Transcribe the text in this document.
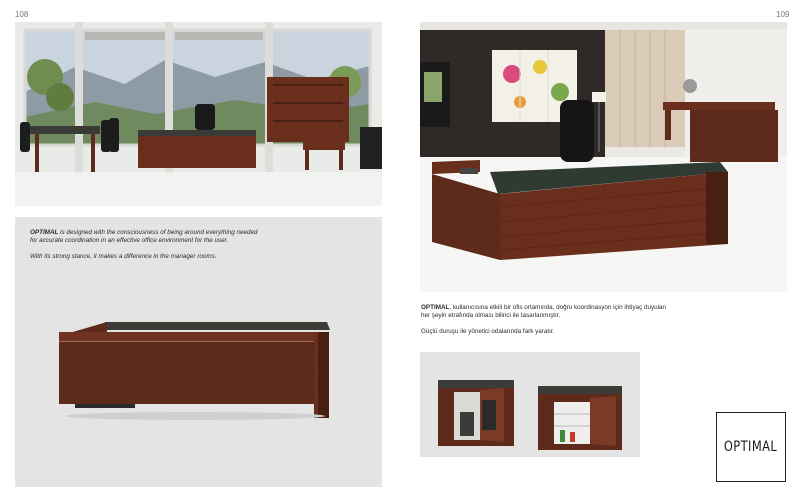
108	109

OPTIMAL is designed with the consciousness of being around everything needed for accurate coordination in an effective office environment for the user.

With its strong stance, it makes a difference in the manager rooms.

OPTIMAL, kullanıcısına etkili bir ofis ortamında, doğru koordinasyon için ihtiyaç duyulan her şeyin etrafında olması bilinci ile tasarlanmıştır.

Güçlü duruşu ile yönetici odalarında fark yaratır.

OPTIMAL
